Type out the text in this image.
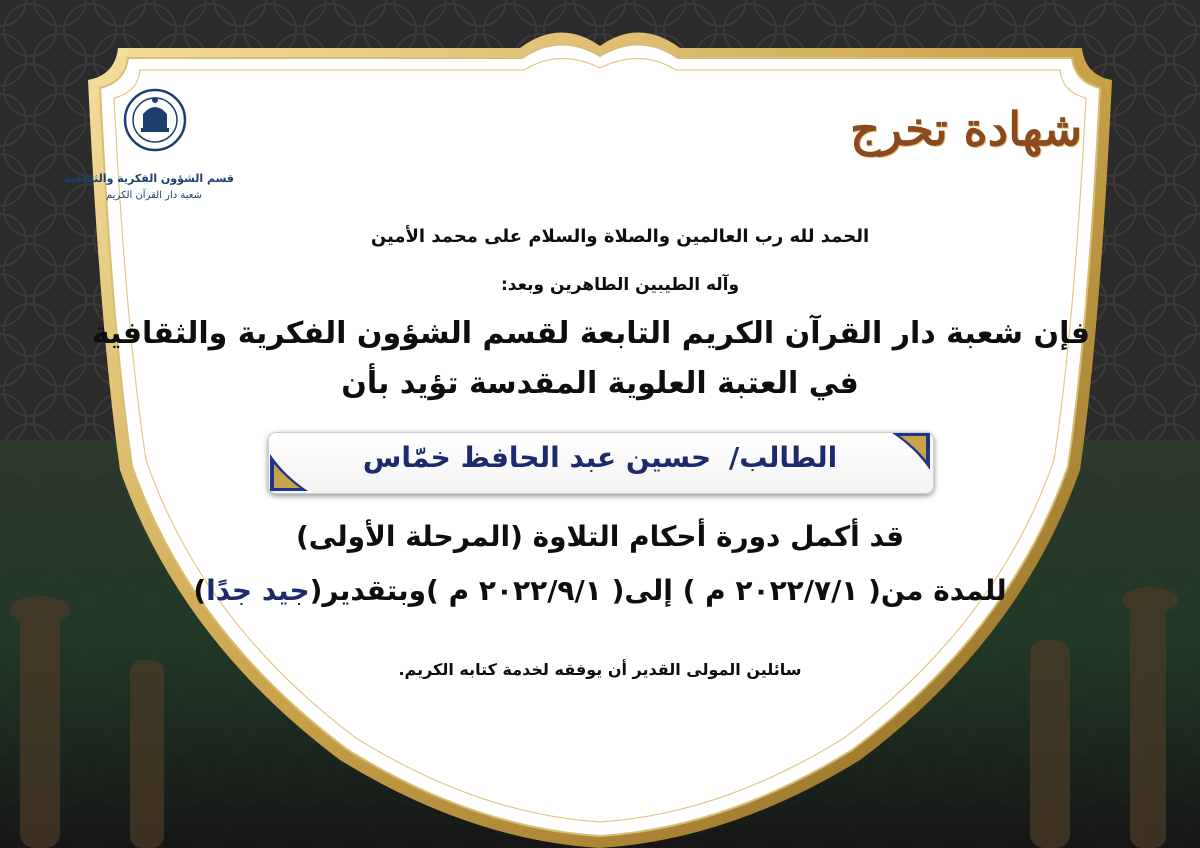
شهادة تخرج
قسم الشؤون الفكرية والثقافية
شعبة دار القرآن الكريم
الحمد لله رب العالمين والصلاة والسلام على محمد الأمين
وآله الطيبين الطاهرين وبعد:
فإن شعبة دار القرآن الكريم التابعة لقسم الشؤون الفكرية والثقافية
في العتبة العلوية المقدسة تؤيد بأن
الطالب/ حسين عبد الحافظ خمّاس
قد أكمل دورة أحكام التلاوة (المرحلة الأولى)
للمدة من( ٢٠٢٢/٧/١ م ) إلى( ٢٠٢٢/٩/١ م )وبتقدير(جيد جدًا)
سائلين المولى القدير أن يوفقه لخدمة كتابه الكريم.
